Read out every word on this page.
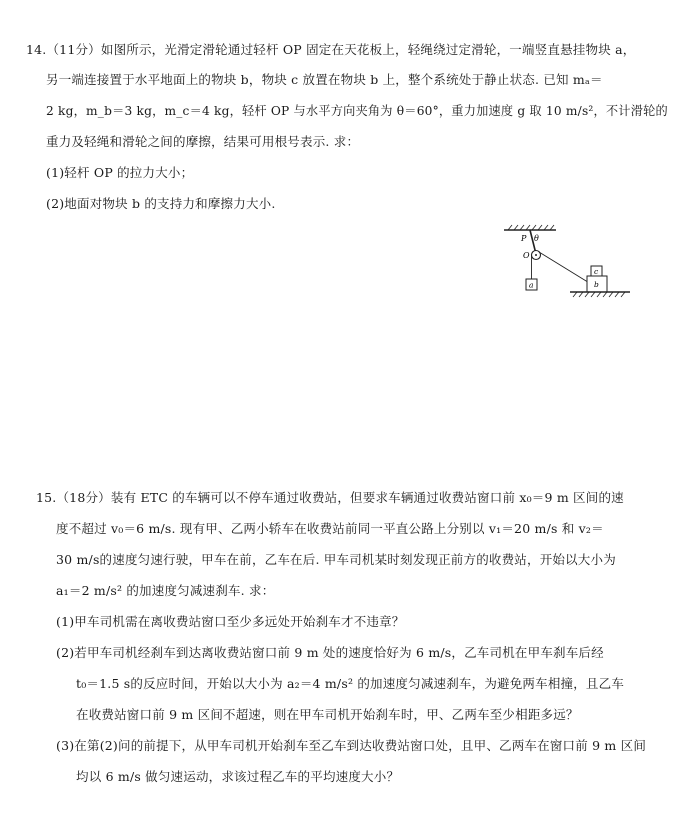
14.（11分）如图所示，光滑定滑轮通过轻杆 OP 固定在天花板上，轻绳绕过定滑轮，一端竖直悬挂物块 a，
另一端连接置于水平地面上的物块 b，物块 c 放置在物块 b 上，整个系统处于静止状态. 已知 mₐ＝
2 kg，m_b＝3 kg，m_c＝4 kg，轻杆 OP 与水平方向夹角为 θ＝60°，重力加速度 g 取 10 m/s²，不计滑轮的
重力及轻绳和滑轮之间的摩擦，结果可用根号表示. 求：
(1)轻杆 OP 的拉力大小；
(2)地面对物块 b 的支持力和摩擦力大小.
P θ
O
a
c
b
15.（18分）装有 ETC 的车辆可以不停车通过收费站，但要求车辆通过收费站窗口前 x₀＝9 m 区间的速
度不超过 v₀＝6 m/s. 现有甲、乙两小轿车在收费站前同一平直公路上分别以 v₁＝20 m/s 和 v₂＝
30 m/s的速度匀速行驶，甲车在前，乙车在后. 甲车司机某时刻发现正前方的收费站，开始以大小为
a₁＝2 m/s² 的加速度匀减速刹车. 求：
(1)甲车司机需在离收费站窗口至少多远处开始刹车才不违章？
(2)若甲车司机经刹车到达离收费站窗口前 9 m 处的速度恰好为 6 m/s，乙车司机在甲车刹车后经
t₀＝1.5 s的反应时间，开始以大小为 a₂＝4 m/s² 的加速度匀减速刹车，为避免两车相撞，且乙车
在收费站窗口前 9 m 区间不超速，则在甲车司机开始刹车时，甲、乙两车至少相距多远？
(3)在第(2)问的前提下，从甲车司机开始刹车至乙车到达收费站窗口处，且甲、乙两车在窗口前 9 m 区间
均以 6 m/s 做匀速运动，求该过程乙车的平均速度大小？
